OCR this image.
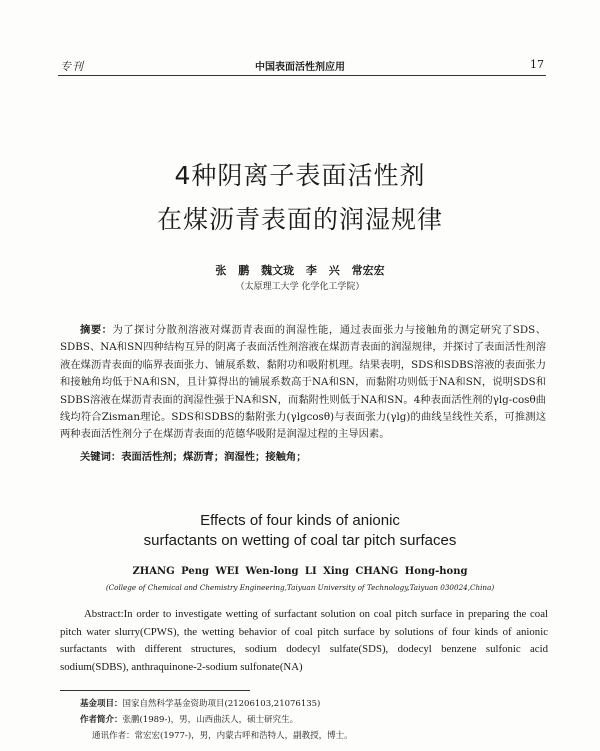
专刊	中国表面活性剂应用	17
4种阴离子表面活性剂
在煤沥青表面的润湿规律
张 鹏 魏文珑 李 兴 常宏宏
（太原理工大学 化学化工学院）
摘要：为了探讨分散剂溶液对煤沥青表面的润湿性能，通过表面张力与接触角的测定研究了SDS、SDBS、NA和SN四种结构互异的阴离子表面活性剂溶液在煤沥青表面的润湿规律，并探讨了表面活性剂溶液在煤沥青表面的临界表面张力、铺展系数、黏附功和吸附机理。结果表明，SDS和SDBS溶液的表面张力和接触角均低于NA和SN，且计算得出的铺展系数高于NA和SN，而黏附功则低于NA和SN，说明SDS和SDBS溶液在煤沥青表面的润湿性强于NA和SN，而黏附性则低于NA和SN。4种表面活性剂的γlg-cosθ曲线均符合Zisman理论。SDS和SDBS的黏附张力(γlgcosθ)与表面张力(γlg)的曲线呈线性关系，可推测这两种表面活性剂分子在煤沥青表面的范德华吸附是润湿过程的主导因素。
关键词：表面活性剂；煤沥青；润湿性；接触角；
Effects of four kinds of anionic
surfactants on wetting of coal tar pitch surfaces
ZHANG Peng WEI Wen-long LI Xing CHANG Hong-hong
(College of Chemical and Chemistry Engineering,Taiyuan University of Technology,Taiyuan 030024,China)
Abstract:In order to investigate wetting of surfactant solution on coal pitch surface in preparing the coal pitch water slurry(CPWS), the wetting behavior of coal pitch surface by solutions of four kinds of anionic surfactants with different structures, sodium dodecyl sulfate(SDS), dodecyl benzene sulfonic acid sodium(SDBS), anthraquinone-2-sodium sulfonate(NA)
基金项目：国家自然科学基金资助项目(21206103,21076135)
作者简介：张鹏(1989-)，男，山西曲沃人，硕士研究生。
通讯作者：常宏宏(1977-)，男，内蒙古呼和浩特人，副教授，博士。
